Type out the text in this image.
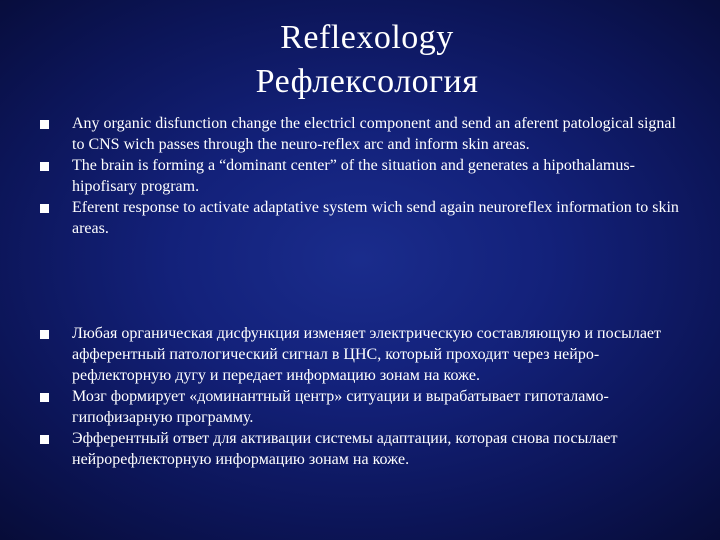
Reflexology
Рефлексология
Any organic disfunction change the electricl component and send an aferent patological signal to CNS wich passes through the neuro-reflex arc and inform skin areas.
The brain is forming a “dominant center” of the situation and generates a hipothalamus-hipofisary program.
Eferent response to activate adaptative system wich send again neuroreflex information to skin areas.
Любая органическая дисфункция изменяет электрическую составляющую и посылает афферентный патологический сигнал в ЦНС, который проходит через нейро-рефлекторную дугу и передает информацию зонам на коже.
Мозг формирует «доминантный центр» ситуации и вырабатывает гипоталамо-гипофизарную программу.
Эфферентный ответ для активации системы адаптации, которая снова посылает нейрорефлекторную информацию зонам на коже.
